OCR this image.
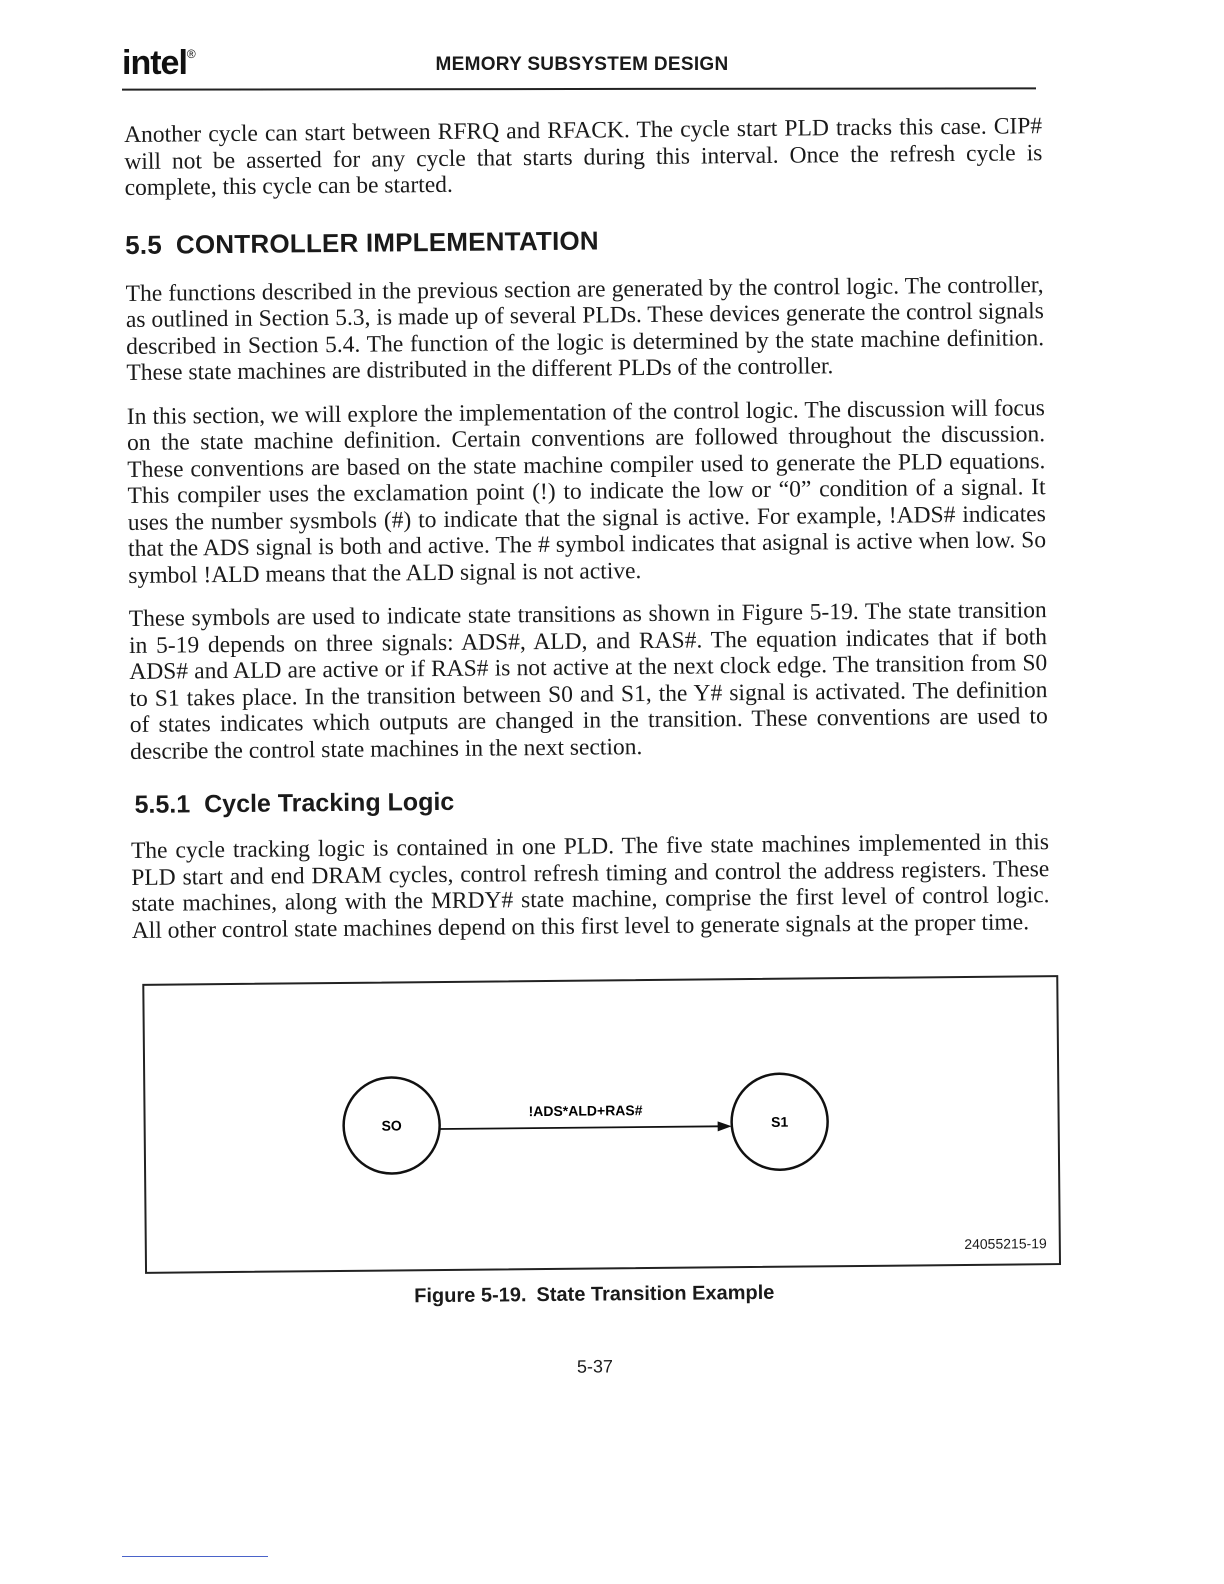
intel®
MEMORY SUBSYSTEM DESIGN

Another cycle can start between RFRQ and RFACK. The cycle start PLD tracks this case. CIP# will not be asserted for any cycle that starts during this interval. Once the refresh cycle is complete, this cycle can be started.

5.5 CONTROLLER IMPLEMENTATION

The functions described in the previous section are generated by the control logic. The controller, as outlined in Section 5.3, is made up of several PLDs. These devices generate the control signals described in Section 5.4. The function of the logic is determined by the state machine definition. These state machines are distributed in the different PLDs of the controller.

In this section, we will explore the implementation of the control logic. The discussion will focus on the state machine definition. Certain conventions are followed throughout the discussion. These conventions are based on the state machine compiler used to generate the PLD equations. This compiler uses the exclamation point (!) to indicate the low or “0” condition of a signal. It uses the number sysmbols (#) to indicate that the signal is active. For example, !ADS# indicates that the ADS signal is both and active. The # symbol indicates that asignal is active when low. So symbol !ALD means that the ALD signal is not active.

These symbols are used to indicate state transitions as shown in Figure 5-19. The state transition in 5-19 depends on three signals: ADS#, ALD, and RAS#. The equation indicates that if both ADS# and ALD are active or if RAS# is not active at the next clock edge. The transition from S0 to S1 takes place. In the transition between S0 and S1, the Y# signal is activated. The definition of states indicates which outputs are changed in the transition. These conventions are used to describe the control state machines in the next section.

5.5.1 Cycle Tracking Logic

The cycle tracking logic is contained in one PLD. The five state machines implemented in this PLD start and end DRAM cycles, control refresh timing and control the address registers. These state machines, along with the MRDY# state machine, comprise the first level of control logic. All other control state machines depend on this first level to generate signals at the proper time.

SO
!ADS*ALD+RAS#
S1
24055215-19
Figure 5-19. State Transition Example
5-37
